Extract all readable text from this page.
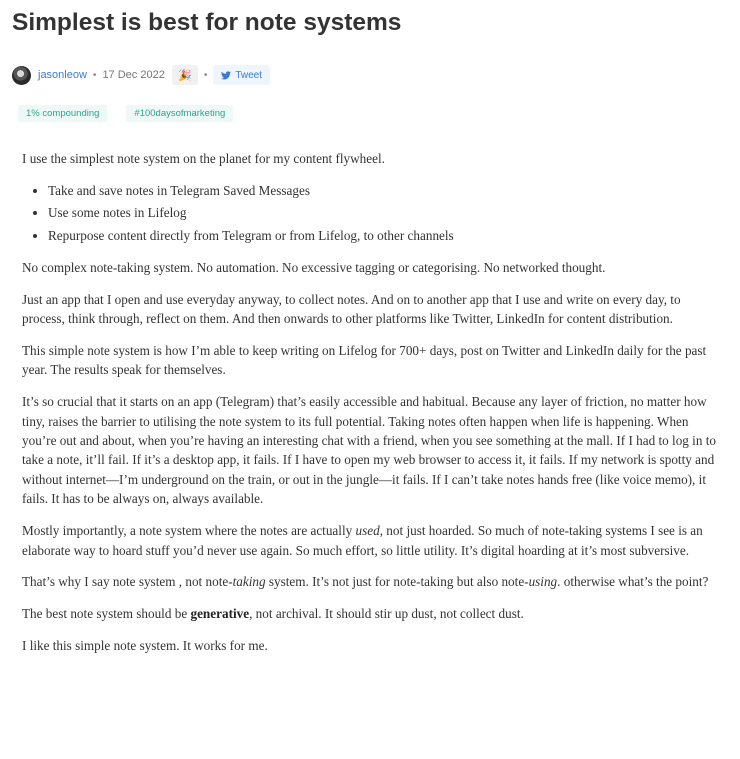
Simplest is best for note systems
jasonleow • 17 Dec 2022 🎉 •	Tweet
1% compounding	#100daysofmarketing

I use the simplest note system on the planet for my content flywheel.

• Take and save notes in Telegram Saved Messages
• Use some notes in Lifelog
• Repurpose content directly from Telegram or from Lifelog, to other channels

No complex note-taking system. No automation. No excessive tagging or categorising. No networked thought.

Just an app that I open and use everyday anyway, to collect notes. And on to another app that I use and write on every day, to process, think through, reflect on them. And then onwards to other platforms like Twitter, LinkedIn for content distribution.

This simple note system is how I’m able to keep writing on Lifelog for 700+ days, post on Twitter and LinkedIn daily for the past year. The results speak for themselves.

It’s so crucial that it starts on an app (Telegram) that’s easily accessible and habitual. Because any layer of friction, no matter how tiny, raises the barrier to utilising the note system to its full potential. Taking notes often happen when life is happening. When you’re out and about, when you’re having an interesting chat with a friend, when you see something at the mall. If I had to log in to take a note, it’ll fail. If it’s a desktop app, it fails. If I have to open my web browser to access it, it fails. If my network is spotty and without internet—I’m underground on the train, or out in the jungle—it fails. If I can’t take notes hands free (like voice memo), it fails. It has to be always on, always available.

Mostly importantly, a note system where the notes are actually used, not just hoarded. So much of note-taking systems I see is an elaborate way to hoard stuff you’d never use again. So much effort, so little utility. It’s digital hoarding at it’s most subversive.

That’s why I say note system , not note-taking system. It’s not just for note-taking but also note-using. otherwise what’s the point?

The best note system should be generative, not archival. It should stir up dust, not collect dust.

I like this simple note system. It works for me.
